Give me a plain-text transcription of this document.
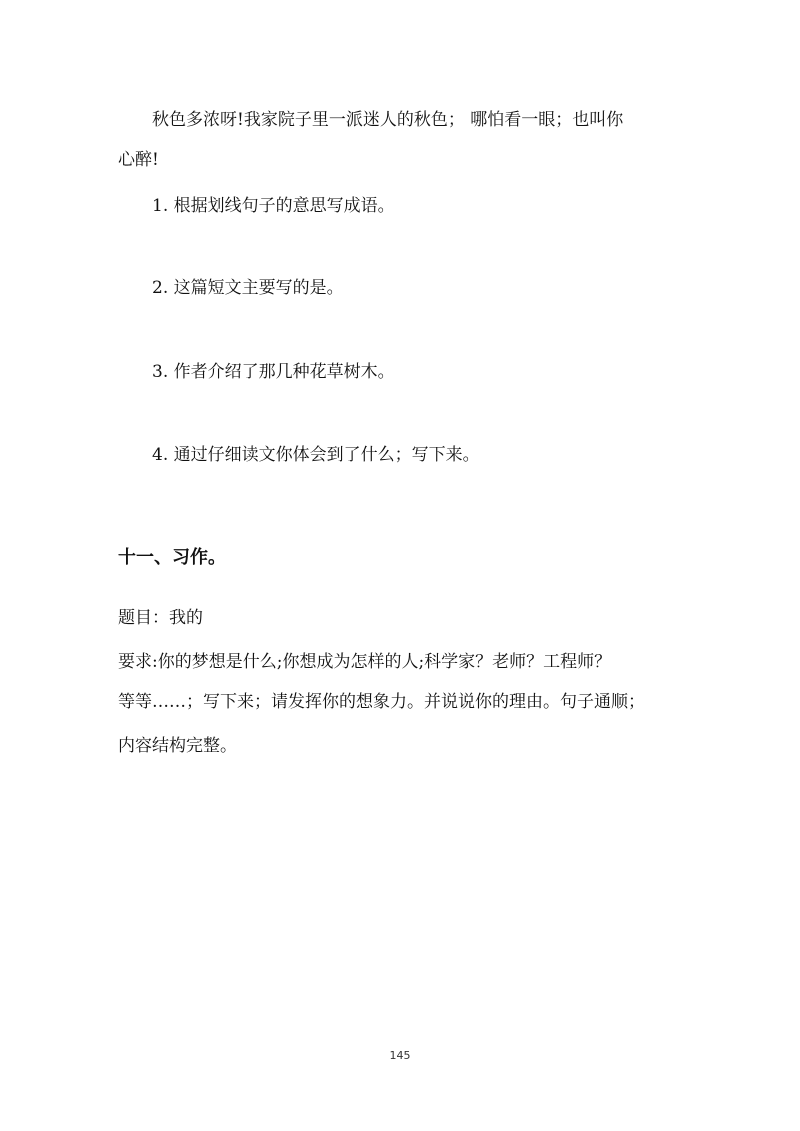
秋色多浓呀!我家院子里一派迷人的秋色； 哪怕看一眼；也叫你
心醉!
1. 根据划线句子的意思写成语。
2. 这篇短文主要写的是。
3. 作者介绍了那几种花草树木。
4. 通过仔细读文你体会到了什么；写下来。
十一、习作。
题目：我的
要求:你的梦想是什么;你想成为怎样的人;科学家？老师？工程师？
等等……；写下来；请发挥你的想象力。并说说你的理由。句子通顺；
内容结构完整。
145
